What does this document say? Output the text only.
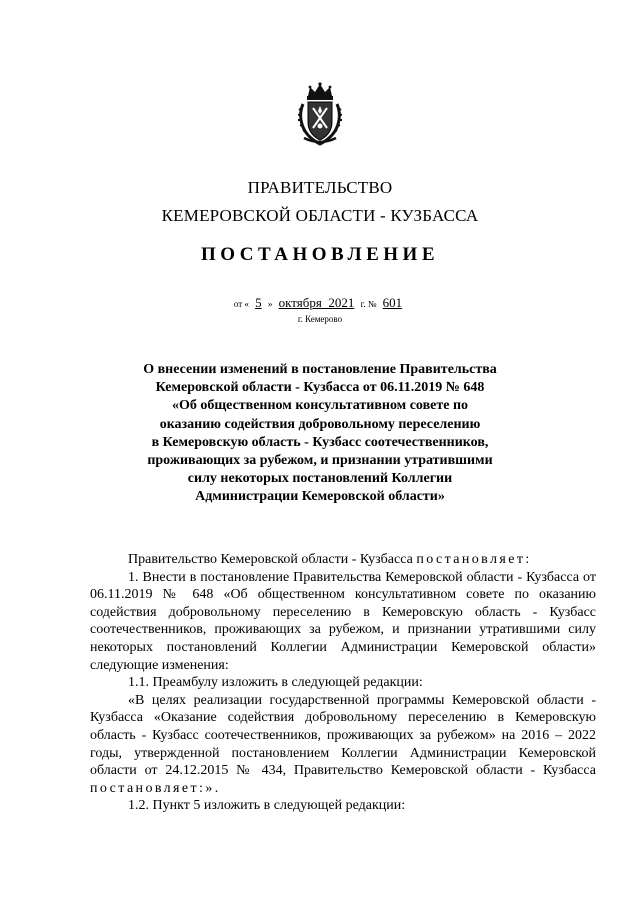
ПРАВИТЕЛЬСТВО
КЕМЕРОВСКОЙ ОБЛАСТИ - КУЗБАССА
ПОСТАНОВЛЕНИЕ
от « 5 » октября  2021 г. № 601
г. Кемерово
О внесении изменений в постановление Правительства
Кемеровской области - Кузбасса от 06.11.2019 № 648
«Об общественном консультативном совете по
оказанию содействия добровольному переселению
в Кемеровскую область - Кузбасс соотечественников,
проживающих за рубежом, и признании утратившими
силу некоторых постановлений Коллегии
Администрации Кемеровской области»

Правительство Кемеровской области - Кузбасса постановляет:

1. Внести в постановление Правительства Кемеровской области - Кузбасса от 06.11.2019 № 648 «Об общественном консультативном совете по оказанию содействия добровольному переселению в Кемеровскую область - Кузбасс соотечественников, проживающих за рубежом, и признании утратившими силу некоторых постановлений Коллегии Администрации Кемеровской области» следующие изменения:

1.1. Преамбулу изложить в следующей редакции:

«В целях реализации государственной программы Кемеровской области - Кузбасса «Оказание содействия добровольному переселению в Кемеровскую область - Кузбасс соотечественников, проживающих за рубежом» на 2016 – 2022 годы, утвержденной постановлением Коллегии Администрации Кемеровской области от 24.12.2015 № 434, Правительство Кемеровской области - Кузбасса постановляет:».

1.2. Пункт 5 изложить в следующей редакции:
